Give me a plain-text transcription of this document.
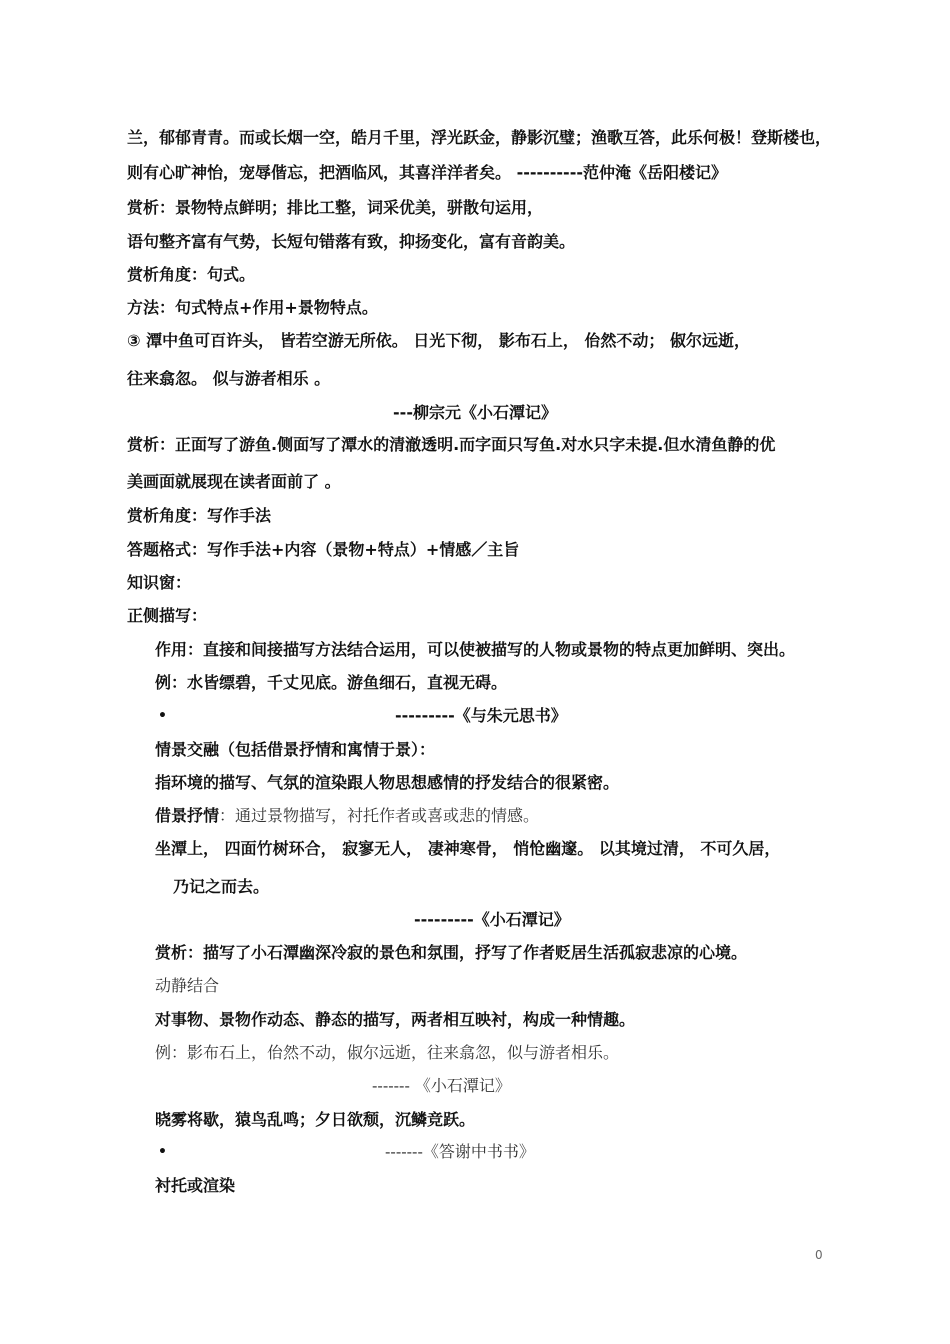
兰，郁郁青青。而或长烟一空，皓月千里，浮光跃金，静影沉璧；渔歌互答，此乐何极！登斯楼也，
则有心旷神怡，宠辱偕忘，把酒临风，其喜洋洋者矣。 ----------范仲淹《岳阳楼记》
赏析：景物特点鲜明；排比工整，词采优美，骈散句运用，
语句整齐富有气势，长短句错落有致，抑扬变化，富有音韵美。
赏析角度：句式。
方法：句式特点+作用+景物特点。
③ 潭中鱼可百许头， 皆若空游无所依。 日光下彻， 影布石上， 佁然不动； 俶尔远逝，
往来翕忽。 似与游者相乐 。
---柳宗元《小石潭记》
赏析：正面写了游鱼.侧面写了潭水的清澈透明.而字面只写鱼.对水只字未提.但水清鱼静的优
美画面就展现在读者面前了 。
赏析角度：写作手法
答题格式：写作手法+内容（景物+特点）+情感／主旨
知识窗：
正侧描写：
作用：直接和间接描写方法结合运用，可以使被描写的人物或景物的特点更加鲜明、突出。
例：水皆缥碧，千丈见底。游鱼细石，直视无碍。
•	---------《与朱元思书》
情景交融（包括借景抒情和寓情于景）：
指环境的描写、气氛的渲染跟人物思想感情的抒发结合的很紧密。
借景抒情：通过景物描写，衬托作者或喜或悲的情感。
坐潭上， 四面竹树环合， 寂寥无人， 凄神寒骨， 悄怆幽邃。 以其境过清， 不可久居，
乃记之而去。
---------《小石潭记》
赏析：描写了小石潭幽深冷寂的景色和氛围，抒写了作者贬居生活孤寂悲凉的心境。
动静结合
对事物、景物作动态、静态的描写，两者相互映衬，构成一种情趣。
例：影布石上，佁然不动，俶尔远逝，往来翕忽，似与游者相乐。
------- 《小石潭记》
晓雾将歇，猿鸟乱鸣；夕日欲颓，沉鳞竞跃。
•	-------《答谢中书书》
衬托或渲染
0
